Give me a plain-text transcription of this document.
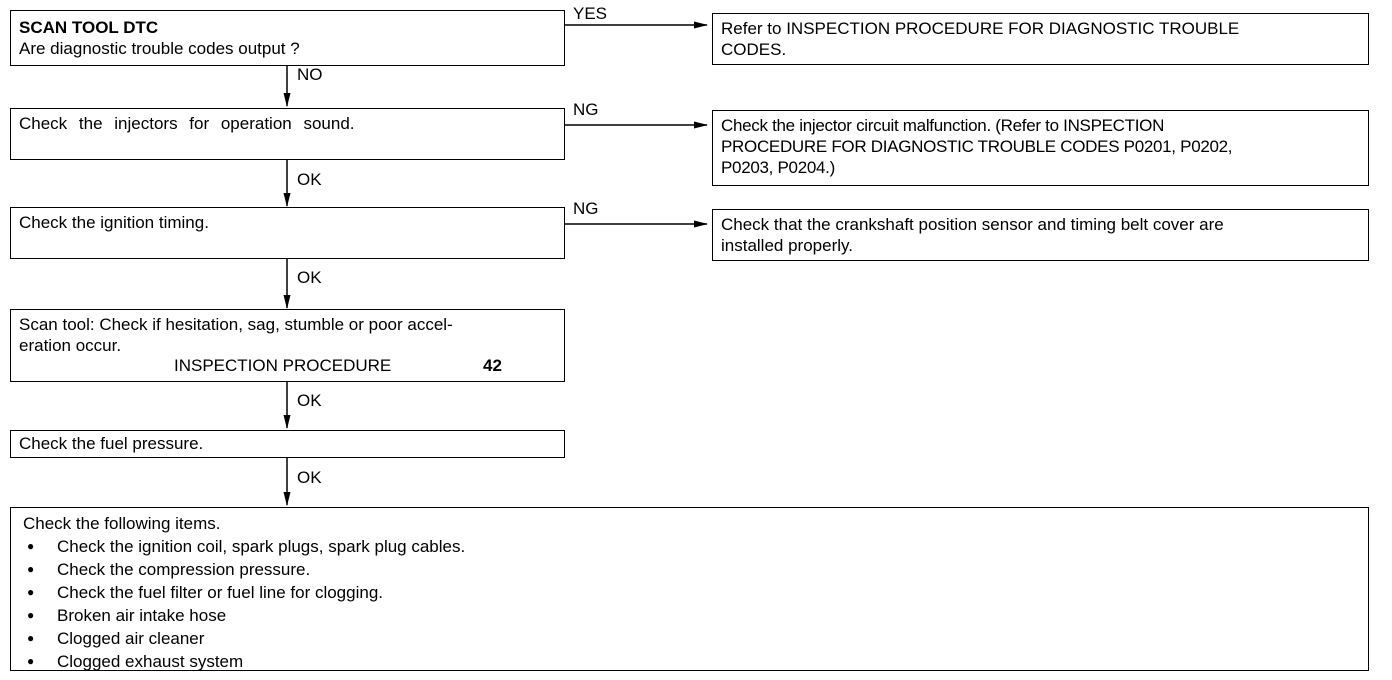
SCAN TOOL DTC
Are diagnostic trouble codes output ?
Refer to INSPECTION PROCEDURE FOR DIAGNOSTIC TROUBLE
CODES.
Check the injectors for operation sound.	Check the injector circuit malfunction. (Refer to INSPECTION
PROCEDURE FOR DIAGNOSTIC TROUBLE CODES P0201, P0202,
P0203, P0204.)
Check the ignition timing.	Check that the crankshaft position sensor and timing belt cover are
installed properly.
Scan tool: Check if hesitation, sag, stumble or poor accel-
eration occur.
INSPECTION PROCEDURE	42
Check the fuel pressure.
Check the following items.
● Check the ignition coil, spark plugs, spark plug cables.
● Check the compression pressure.
● Check the fuel filter or fuel line for clogging.
● Broken air intake hose
● Clogged air cleaner
● Clogged exhaust system
YES
NO
NG
OK
NG
OK
OK
OK
